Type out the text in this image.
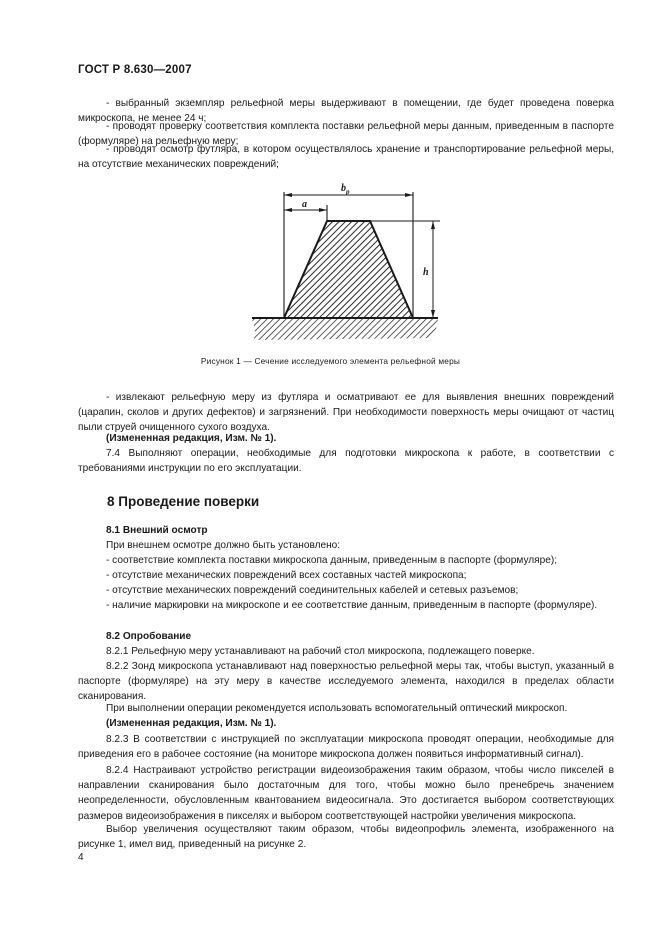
ГОСТ Р 8.630—2007
- выбранный экземпляр рельефной меры выдерживают в помещении, где будет проведена поверка микроскопа, не менее 24 ч;
- проводят проверку соответствия комплекта поставки рельефной меры данным, приведенным в паспорте (формуляре) на рельефную меру;
- проводят осмотр футляра, в котором осуществлялось хранение и транспортирование рельефной меры, на отсутствие механических повреждений;
$b_p$
a
h
Рисунок 1 — Сечение исследуемого элемента рельефной меры
- извлекают рельефную меру из футляра и осматривают ее для выявления внешних повреждений (царапин, сколов и других дефектов) и загрязнений. При необходимости поверхность меры очищают от частиц пыли струей очищенного сухого воздуха.
(Измененная редакция, Изм. № 1).
7.4 Выполняют операции, необходимые для подготовки микроскопа к работе, в соответствии с требованиями инструкции по его эксплуатации.
8 Проведение поверки
8.1 Внешний осмотр
При внешнем осмотре должно быть установлено:
- соответствие комплекта поставки микроскопа данным, приведенным в паспорте (формуляре);
- отсутствие механических повреждений всех составных частей микроскопа;
- отсутствие механических повреждений соединительных кабелей и сетевых разъемов;
- наличие маркировки на микроскопе и ее соответствие данным, приведенным в паспорте (формуляре).
8.2 Опробование
8.2.1 Рельефную меру устанавливают на рабочий стол микроскопа, подлежащего поверке.
8.2.2 Зонд микроскопа устанавливают над поверхностью рельефной меры так, чтобы выступ, указанный в паспорте (формуляре) на эту меру в качестве исследуемого элемента, находился в пределах области сканирования.
При выполнении операции рекомендуется использовать вспомогательный оптический микроскоп.
(Измененная редакция, Изм. № 1).
8.2.3 В соответствии с инструкцией по эксплуатации микроскопа проводят операции, необходимые для приведения его в рабочее состояние (на мониторе микроскопа должен появиться информативный сигнал).
8.2.4 Настраивают устройство регистрации видеоизображения таким образом, чтобы число пикселей в направлении сканирования было достаточным для того, чтобы можно было пренебречь значением неопределенности, обусловленным квантованием видеосигнала. Это достигается выбором соответствующих размеров видеоизображения в пикселях и выбором соответствующей настройки увеличения микроскопа.
Выбор увеличения осуществляют таким образом, чтобы видеопрофиль элемента, изображенного на рисунке 1, имел вид, приведенный на рисунке 2.
4
